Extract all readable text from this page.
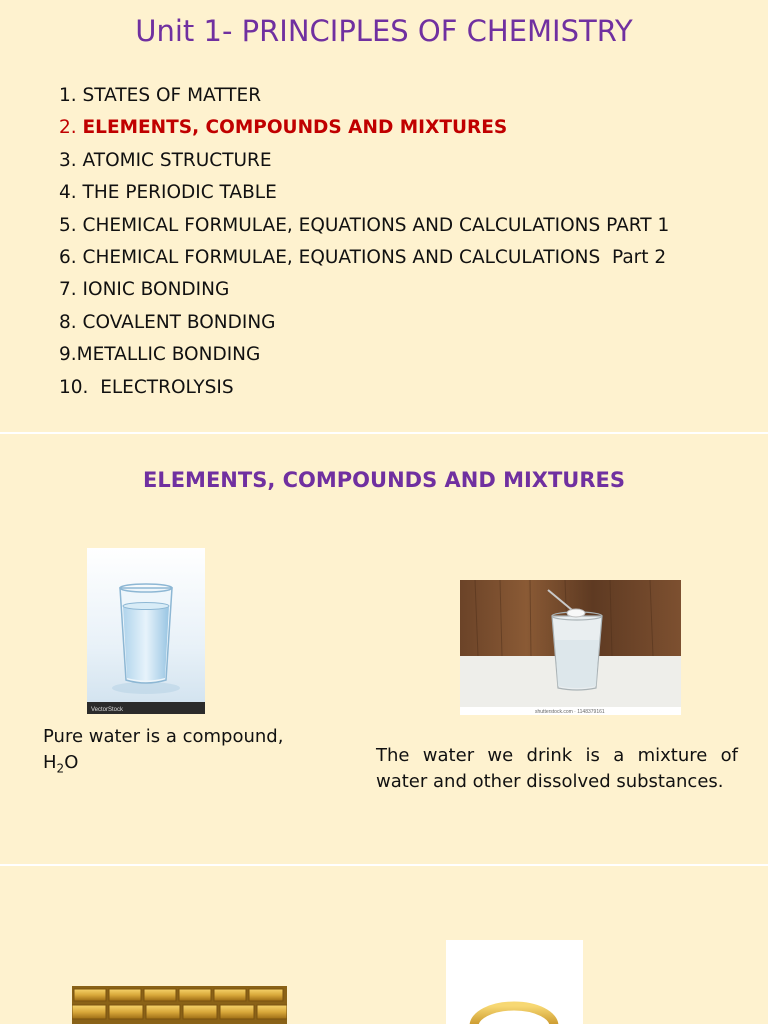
Unit 1- PRINCIPLES OF CHEMISTRY
1. STATES OF MATTER
2. ELEMENTS, COMPOUNDS AND MIXTURES
3. ATOMIC STRUCTURE
4. THE PERIODIC TABLE
5. CHEMICAL FORMULAE, EQUATIONS AND CALCULATIONS PART 1
6. CHEMICAL FORMULAE, EQUATIONS AND CALCULATIONS  Part 2
7. IONIC BONDING
8. COVALENT BONDING
9.METALLIC BONDING
10.  ELECTROLYSIS
ELEMENTS, COMPOUNDS AND MIXTURES
VectorStock	shutterstock.com · 1148379161
Pure water is a compound,
$H_2O$	The water we drink is a mixture of
water and other dissolved substances.
